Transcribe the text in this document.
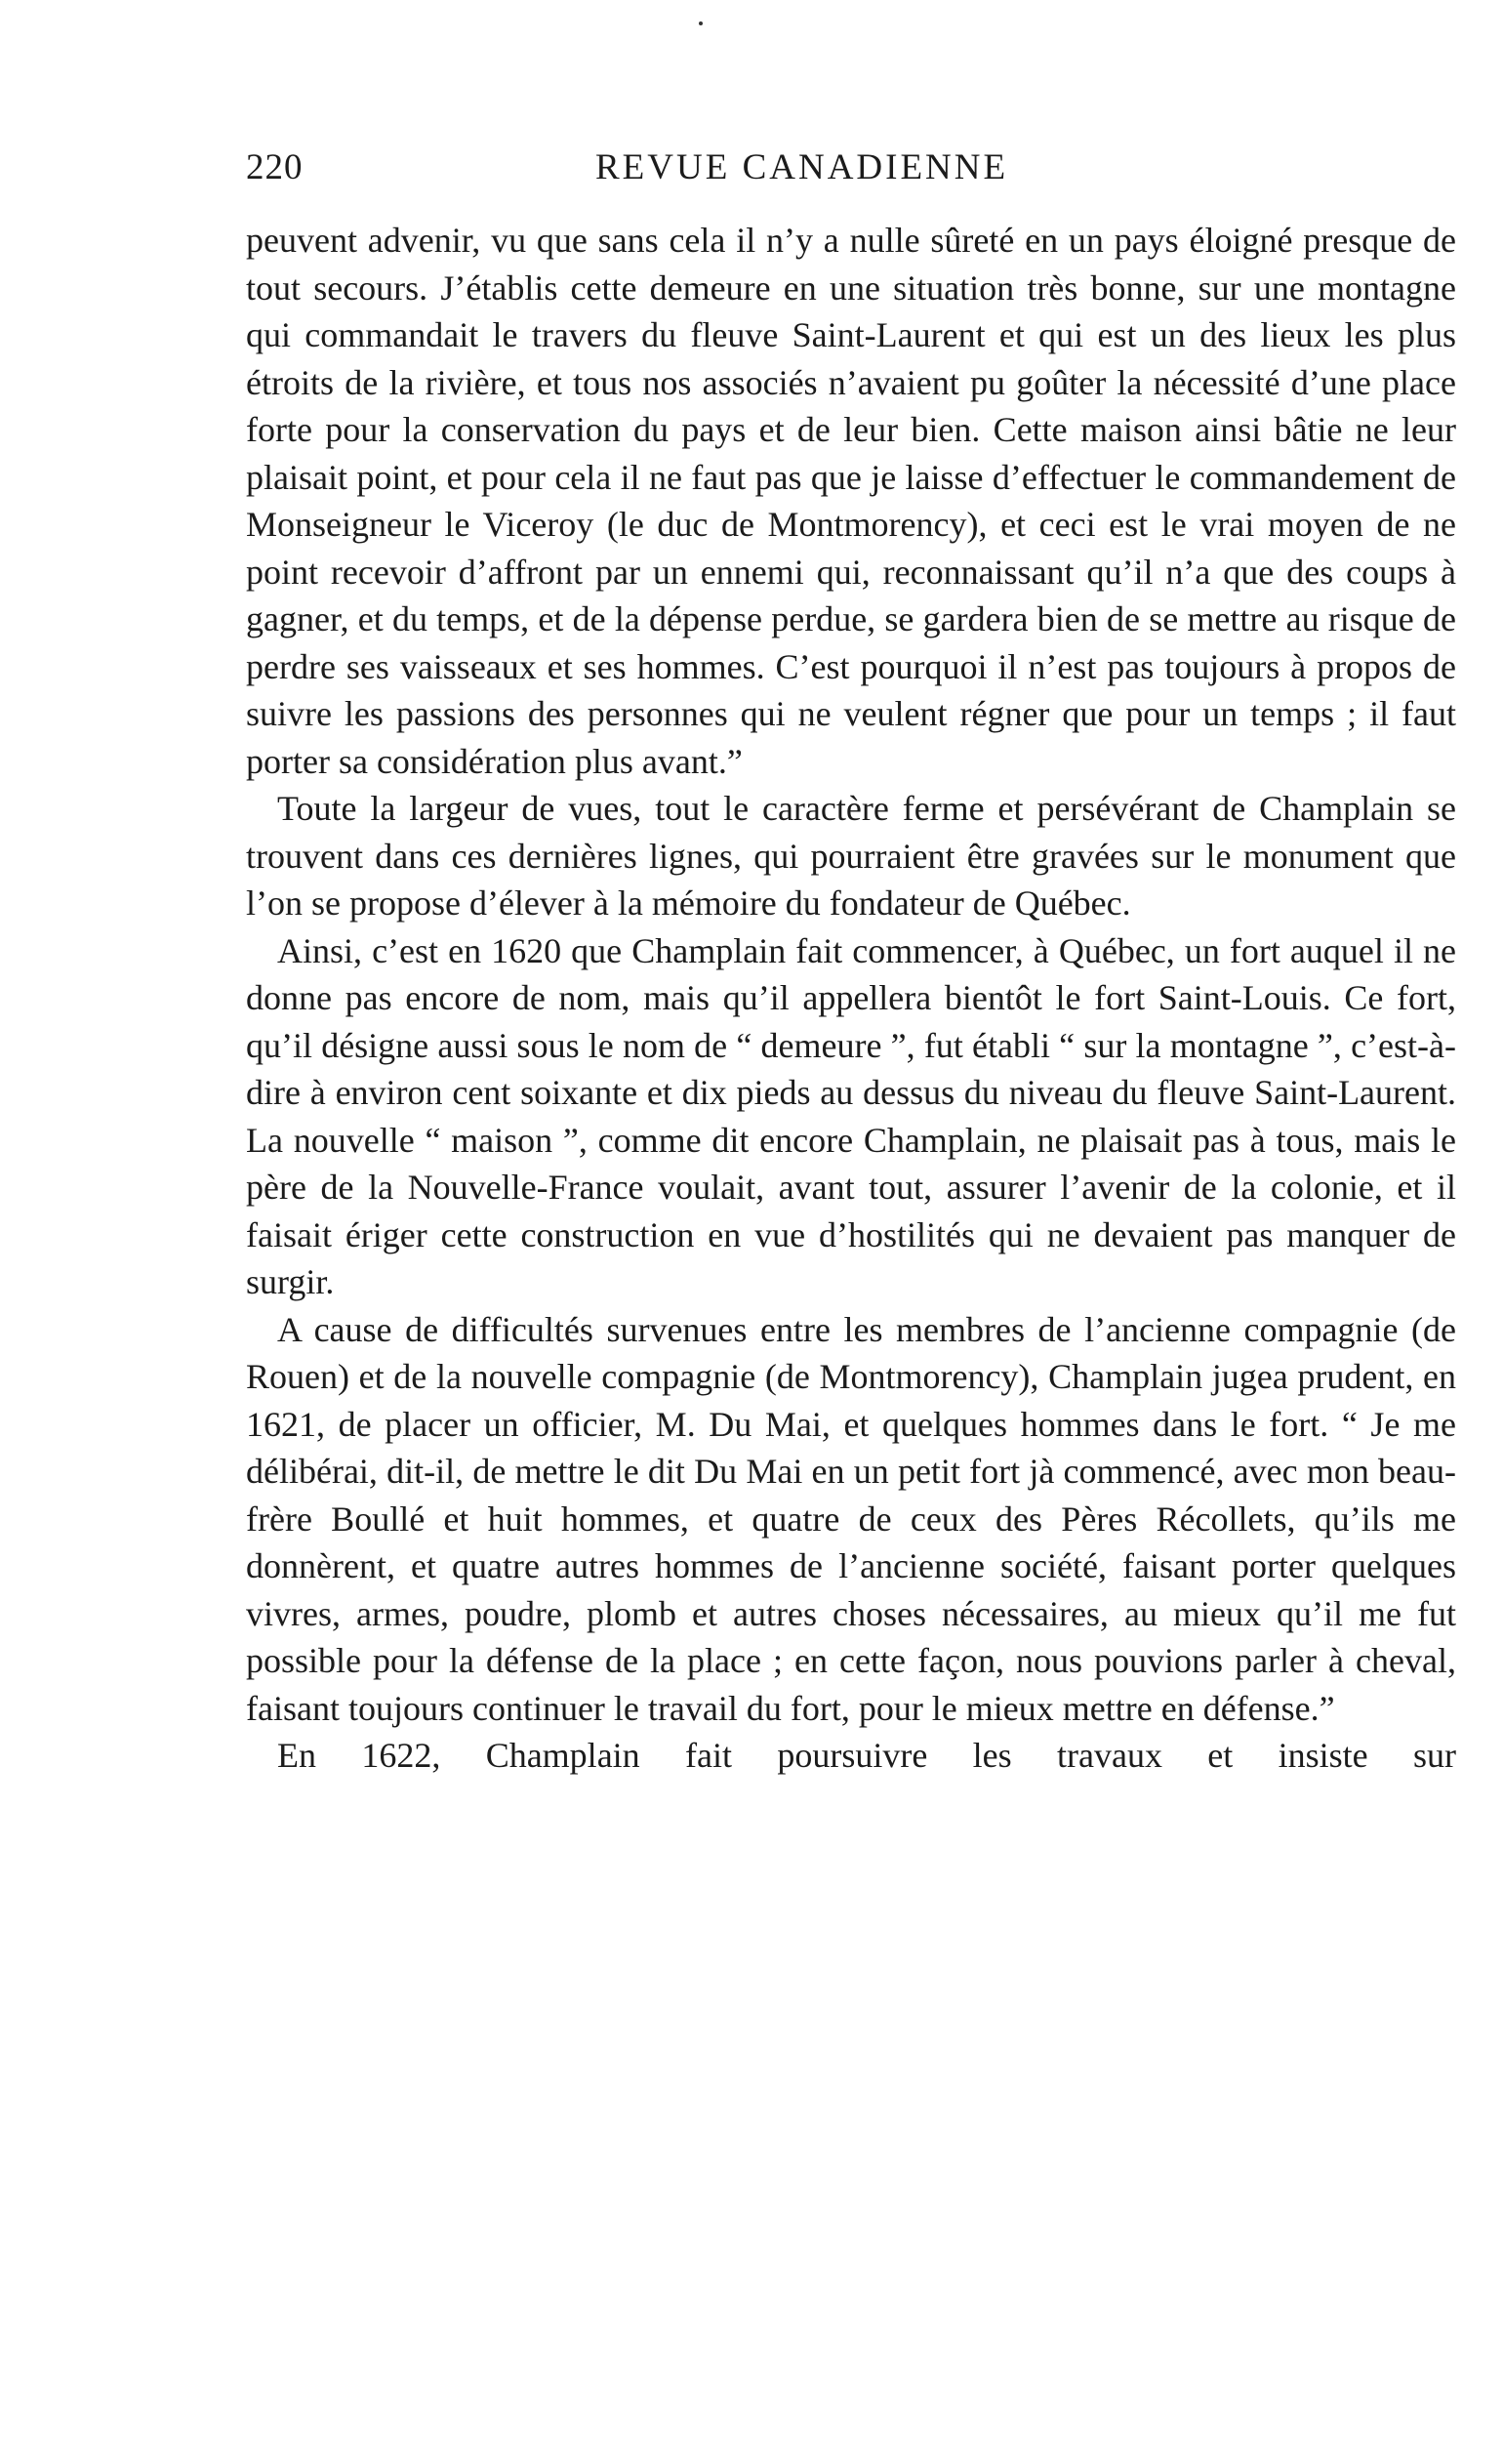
220	REVUE CANADIENNE

peuvent advenir, vu que sans cela il n’y a nulle sûreté en un pays éloigné presque de tout secours. J’établis cette demeure en une situation très bonne, sur une montagne qui commandait le travers du fleuve Saint-Laurent et qui est un des lieux les plus étroits de la rivière, et tous nos associés n’avaient pu goûter la nécessité d’une place forte pour la conservation du pays et de leur bien. Cette maison ainsi bâtie ne leur plaisait point, et pour cela il ne faut pas que je laisse d’effectuer le commandement de Monseigneur le Viceroy (le duc de Montmorency), et ceci est le vrai moyen de ne point recevoir d’affront par un ennemi qui, reconnaissant qu’il n’a que des coups à gagner, et du temps, et de la dépense perdue, se gardera bien de se mettre au risque de perdre ses vaisseaux et ses hommes. C’est pourquoi il n’est pas toujours à propos de suivre les passions des personnes qui ne veulent régner que pour un temps ; il faut porter sa considération plus avant.”

Toute la largeur de vues, tout le caractère ferme et persévérant de Champlain se trouvent dans ces dernières lignes, qui pourraient être gravées sur le monument que l’on se propose d’élever à la mémoire du fondateur de Québec.

Ainsi, c’est en 1620 que Champlain fait commencer, à Québec, un fort auquel il ne donne pas encore de nom, mais qu’il appellera bientôt le fort Saint-Louis. Ce fort, qu’il désigne aussi sous le nom de “ demeure ”, fut établi “ sur la montagne ”, c’est-à-dire à environ cent soixante et dix pieds au dessus du niveau du fleuve Saint-Laurent. La nouvelle “ maison ”, comme dit encore Champlain, ne plaisait pas à tous, mais le père de la Nouvelle-France voulait, avant tout, assurer l’avenir de la colonie, et il faisait ériger cette construction en vue d’hostilités qui ne devaient pas manquer de surgir.

A cause de difficultés survenues entre les membres de l’ancienne compagnie (de Rouen) et de la nouvelle compagnie (de Montmorency), Champlain jugea prudent, en 1621, de placer un officier, M. Du Mai, et quelques hommes dans le fort. “ Je me délibérai, dit-il, de mettre le dit Du Mai en un petit fort jà commencé, avec mon beau-frère Boullé et huit hommes, et quatre de ceux des Pères Récollets, qu’ils me donnèrent, et quatre autres hommes de l’ancienne société, faisant porter quelques vivres, armes, poudre, plomb et autres choses nécessaires, au mieux qu’il me fut possible pour la défense de la place ; en cette façon, nous pouvions parler à cheval, faisant toujours continuer le travail du fort, pour le mieux mettre en défense.”

En 1622, Champlain fait poursuivre les travaux et insiste sur
